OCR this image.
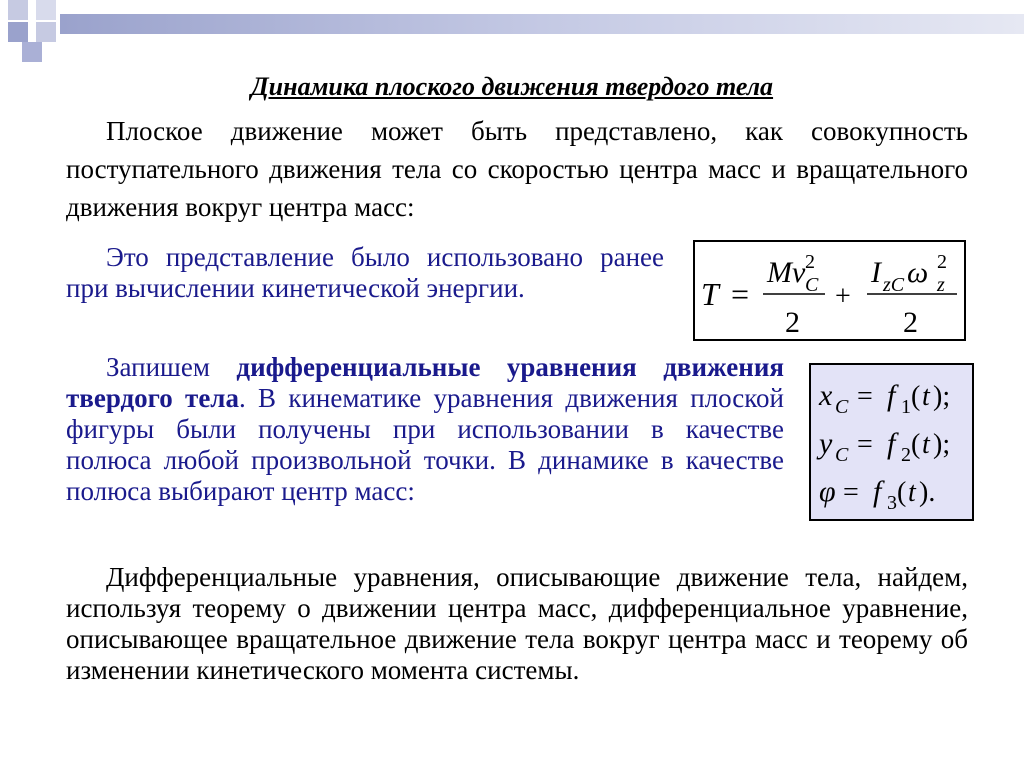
Динамика плоского движения твердого тела

Плоское движение может быть представлено, как совокупность поступательного движения тела со скоростью центра масс и вращательного движения вокруг центра масс:

Это представление было использовано ранее при вычислении кинетической энергии.	T =
Mv 2
C
2
+
I zC ω 2
z
2

Запишем дифференциальные уравнения движения твердого тела. В кинематике уравнения движения плоской фигуры были получены при использовании в качестве полюса любой произвольной точки. В динамике в качестве полюса выбирают центр масс:

x C = f 1 ( t );
y C = f 2 ( t );
φ = f 3 ( t ).

Дифференциальные уравнения, описывающие движение тела, найдем, используя теорему о движении центра масс, дифференциальное уравнение, описывающее вращательное движение тела вокруг центра масс и теорему об изменении кинетического момента системы.
